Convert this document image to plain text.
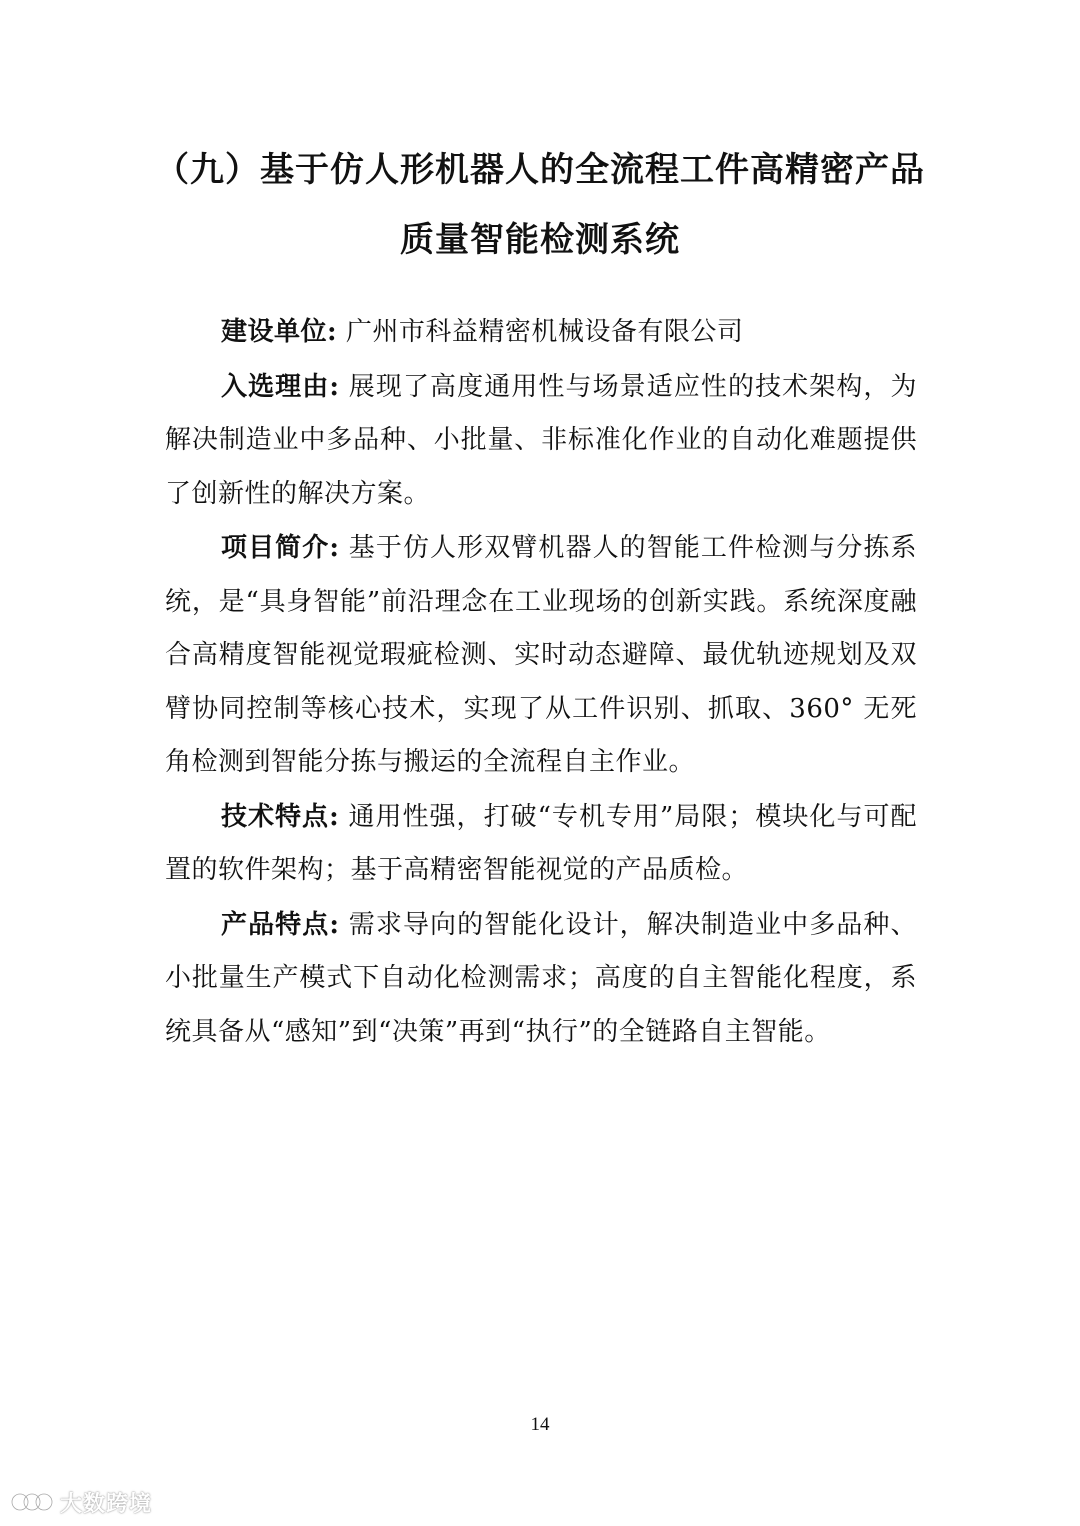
（九）基于仿人形机器人的全流程工件高精密产品
质量智能检测系统

建设单位: 广州市科益精密机械设备有限公司

入选理由: 展现了高度通用性与场景适应性的技术架构，为解决制造业中多品种、小批量、非标准化作业的自动化难题提供了创新性的解决方案。

项目简介: 基于仿人形双臂机器人的智能工件检测与分拣系统，是“具身智能”前沿理念在工业现场的创新实践。系统深度融合高精度智能视觉瑕疵检测、实时动态避障、最优轨迹规划及双臂协同控制等核心技术，实现了从工件识别、抓取、360° 无死角检测到智能分拣与搬运的全流程自主作业。

技术特点: 通用性强，打破“专机专用”局限；模块化与可配置的软件架构；基于高精密智能视觉的产品质检。

产品特点: 需求导向的智能化设计，解决制造业中多品种、小批量生产模式下自动化检测需求；高度的自主智能化程度，系统具备从“感知”到“决策”再到“执行”的全链路自主智能。

14
大数跨境
